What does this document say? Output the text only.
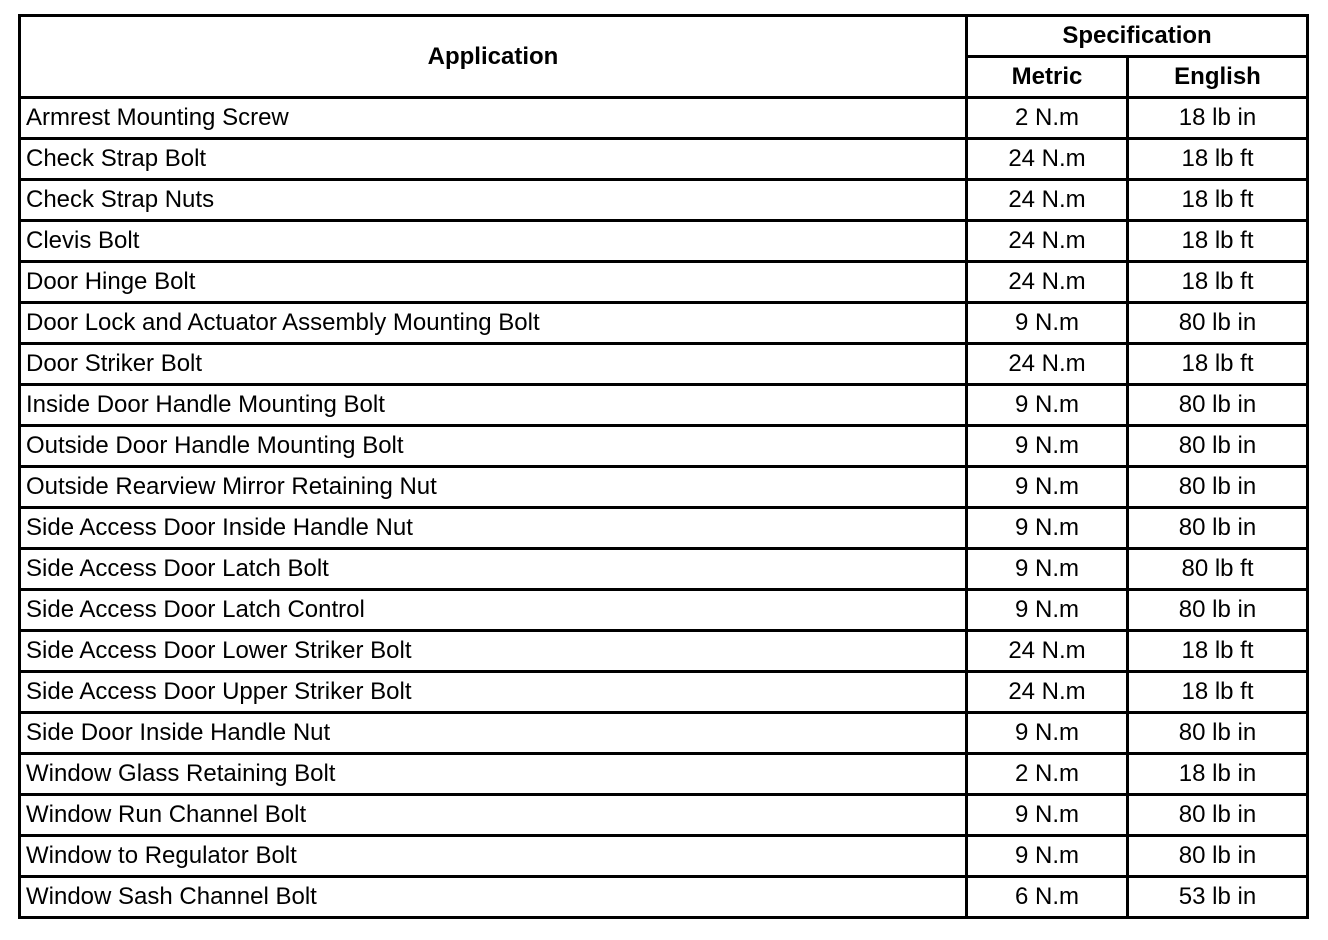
Application	Specification	
	Metric	English
Armrest Mounting Screw	2 N.m	18 lb in
Check Strap Bolt	24 N.m	18 lb ft
Check Strap Nuts	24 N.m	18 lb ft
Clevis Bolt	24 N.m	18 lb ft
Door Hinge Bolt	24 N.m	18 lb ft
Door Lock and Actuator Assembly Mounting Bolt	9 N.m	80 lb in
Door Striker Bolt	24 N.m	18 lb ft
Inside Door Handle Mounting Bolt	9 N.m	80 lb in
Outside Door Handle Mounting Bolt	9 N.m	80 lb in
Outside Rearview Mirror Retaining Nut	9 N.m	80 lb in
Side Access Door Inside Handle Nut	9 N.m	80 lb in
Side Access Door Latch Bolt	9 N.m	80 lb ft
Side Access Door Latch Control	9 N.m	80 lb in
Side Access Door Lower Striker Bolt	24 N.m	18 lb ft
Side Access Door Upper Striker Bolt	24 N.m	18 lb ft
Side Door Inside Handle Nut	9 N.m	80 lb in
Window Glass Retaining Bolt	2 N.m	18 lb in
Window Run Channel Bolt	9 N.m	80 lb in
Window to Regulator Bolt	9 N.m	80 lb in
Window Sash Channel Bolt	6 N.m	53 lb in
